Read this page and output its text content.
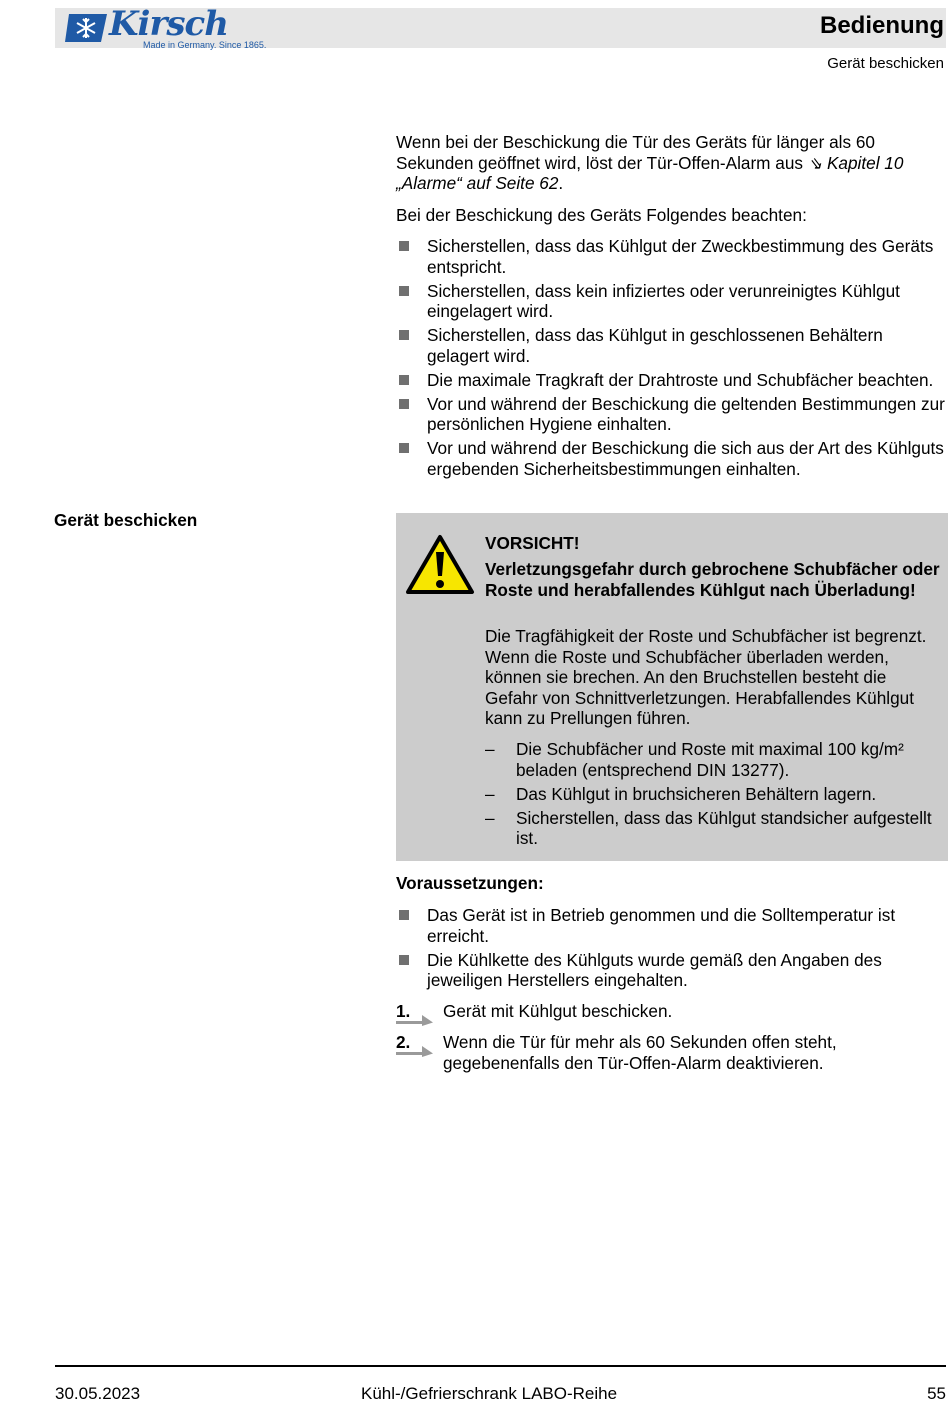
Kirsch
Made in Germany. Since 1865.
Bedienung
Gerät beschicken
Wenn bei der Beschickung die Tür des Geräts für länger als 60 Sekunden geöffnet wird, löst der Tür-Offen-Alarm aus ⇘ Kapitel 10 „Alarme“ auf Seite 62.
Bei der Beschickung des Geräts Folgendes beachten:
Sicherstellen, dass das Kühlgut der Zweckbestimmung des Geräts entspricht.
Sicherstellen, dass kein infiziertes oder verunreinigtes Kühlgut eingelagert wird.
Sicherstellen, dass das Kühlgut in geschlossenen Behältern gelagert wird.
Die maximale Tragkraft der Drahtroste und Schubfächer beachten.
Vor und während der Beschickung die geltenden Bestimmungen zur persönlichen Hygiene einhalten.
Vor und während der Beschickung die sich aus der Art des Kühlguts ergebenden Sicherheitsbestimmungen einhalten.
Gerät beschicken
VORSICHT!
Verletzungsgefahr durch gebrochene Schubfächer oder Roste und herabfallendes Kühlgut nach Überladung!
Die Tragfähigkeit der Roste und Schubfächer ist begrenzt. Wenn die Roste und Schubfächer überladen werden, können sie brechen. An den Bruchstellen besteht die Gefahr von Schnittverletzungen. Herabfallendes Kühlgut kann zu Prellungen führen.
– Die Schubfächer und Roste mit maximal 100 kg/m² beladen (entsprechend DIN 13277).
– Das Kühlgut in bruchsicheren Behältern lagern.
– Sicherstellen, dass das Kühlgut standsicher aufgestellt ist.
Voraussetzungen:
Das Gerät ist in Betrieb genommen und die Solltemperatur ist erreicht.
Die Kühlkette des Kühlguts wurde gemäß den Angaben des jeweiligen Herstellers eingehalten.
1. Gerät mit Kühlgut beschicken.
2. Wenn die Tür für mehr als 60 Sekunden offen steht, gegebenenfalls den Tür-Offen-Alarm deaktivieren.
30.05.2023	Kühl-/Gefrierschrank LABO-Reihe	55
